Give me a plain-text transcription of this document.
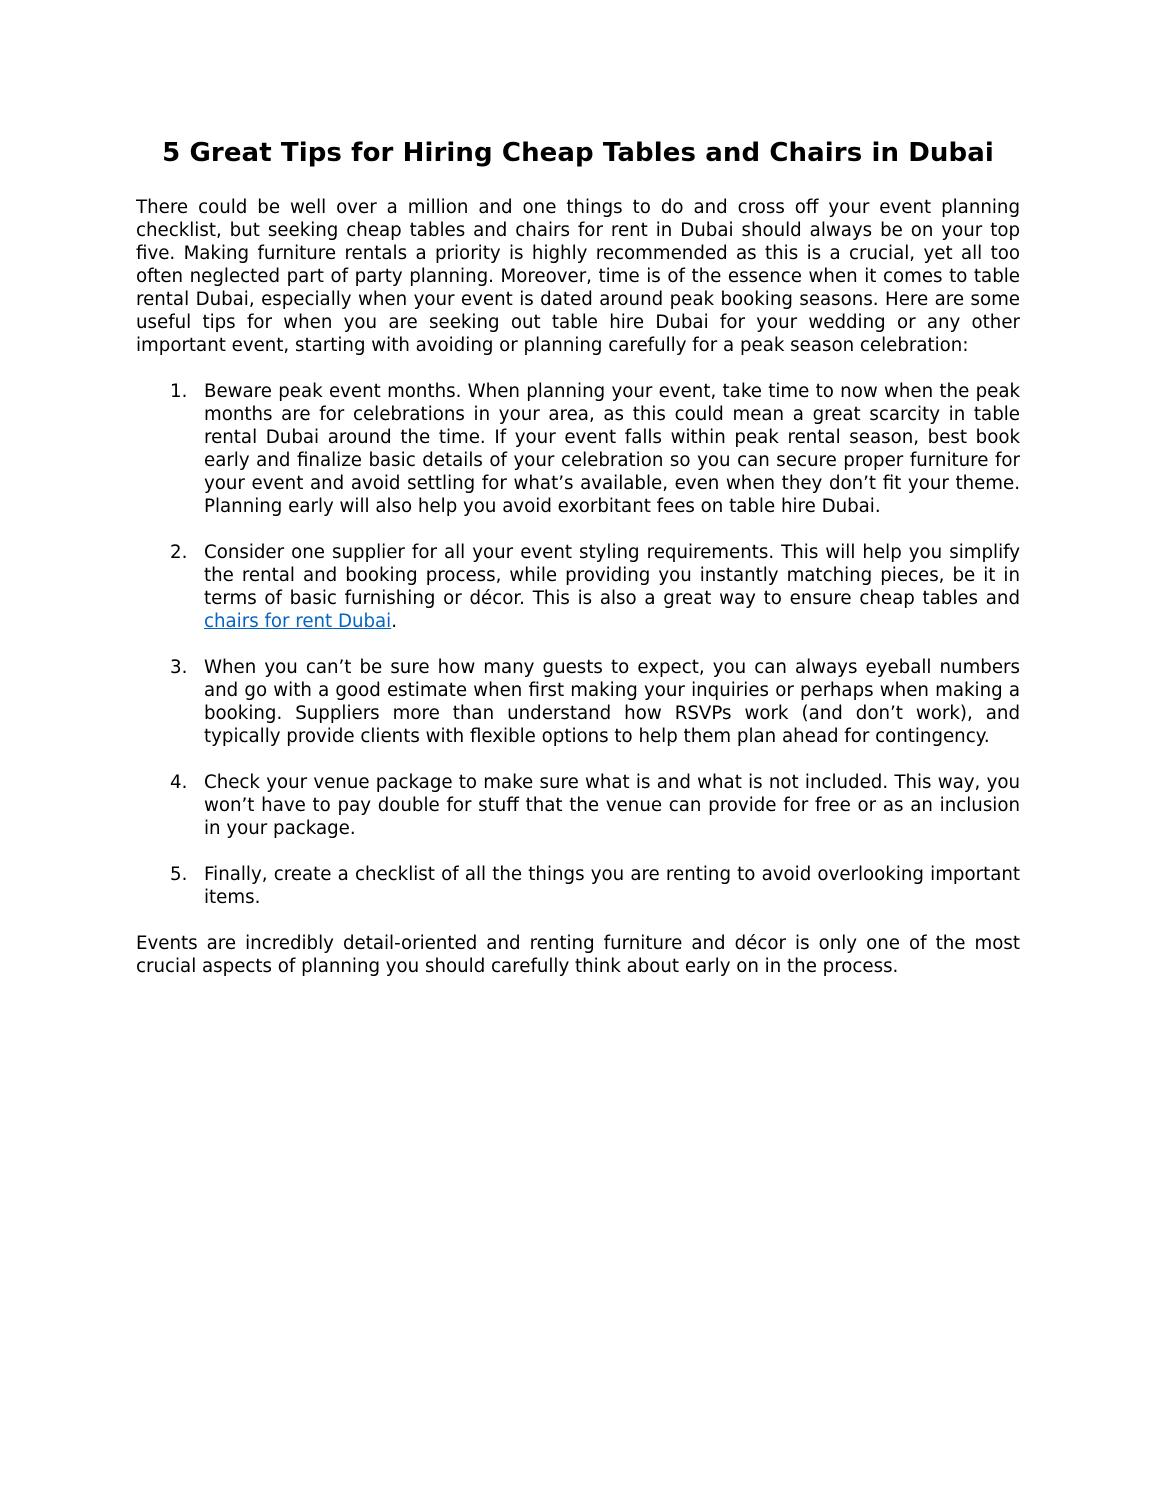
5 Great Tips for Hiring Cheap Tables and Chairs in Dubai

There could be well over a million and one things to do and cross off your event planning checklist, but seeking cheap tables and chairs for rent in Dubai should always be on your top five. Making furniture rentals a priority is highly recommended as this is a crucial, yet all too often neglected part of party planning. Moreover, time is of the essence when it comes to table rental Dubai, especially when your event is dated around peak booking seasons. Here are some useful tips for when you are seeking out table hire Dubai for your wedding or any other important event, starting with avoiding or planning carefully for a peak season celebration:

1. Beware peak event months. When planning your event, take time to now when the peak months are for celebrations in your area, as this could mean a great scarcity in table rental Dubai around the time. If your event falls within peak rental season, best book early and finalize basic details of your celebration so you can secure proper furniture for your event and avoid settling for what’s available, even when they don’t fit your theme. Planning early will also help you avoid exorbitant fees on table hire Dubai.
2. Consider one supplier for all your event styling requirements. This will help you simplify the rental and booking process, while providing you instantly matching pieces, be it in terms of basic furnishing or décor. This is also a great way to ensure cheap tables and chairs for rent Dubai.
3. When you can’t be sure how many guests to expect, you can always eyeball numbers and go with a good estimate when first making your inquiries or perhaps when making a booking. Suppliers more than understand how RSVPs work (and don’t work), and typically provide clients with flexible options to help them plan ahead for contingency.
4. Check your venue package to make sure what is and what is not included. This way, you won’t have to pay double for stuff that the venue can provide for free or as an inclusion in your package.
5. Finally, create a checklist of all the things you are renting to avoid overlooking important items.

Events are incredibly detail-oriented and renting furniture and décor is only one of the most crucial aspects of planning you should carefully think about early on in the process.
